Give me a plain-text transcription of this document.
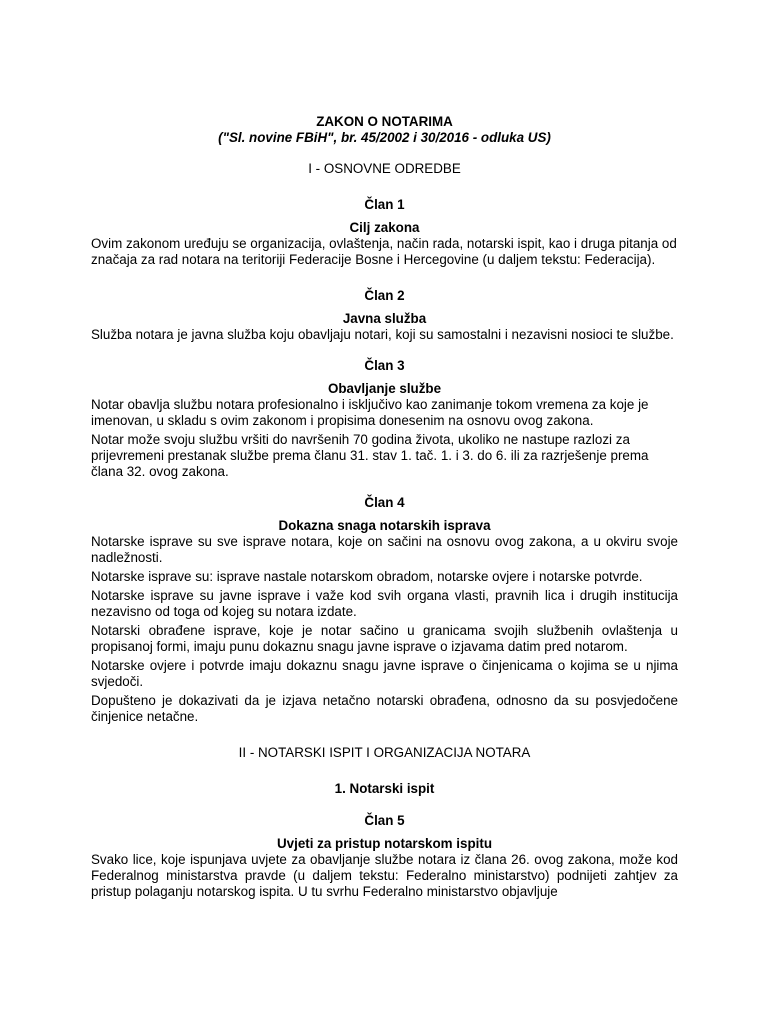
ZAKON O NOTARIMA

("Sl. novine FBiH", br. 45/2002 i 30/2016 - odluka US)

I - OSNOVNE ODREDBE

Član 1

Cilj zakona

Ovim zakonom uređuju se organizacija, ovlaštenja, način rada, notarski ispit, kao i druga pitanja od značaja za rad notara na teritoriji Federacije Bosne i Hercegovine (u daljem tekstu: Federacija).

Član 2

Javna služba

Služba notara je javna služba koju obavljaju notari, koji su samostalni i nezavisni nosioci te službe.

Član 3

Obavljanje službe

Notar obavlja službu notara profesionalno i isključivo kao zanimanje tokom vremena za koje je imenovan, u skladu s ovim zakonom i propisima donesenim na osnovu ovog zakona.

Notar može svoju službu vršiti do navršenih 70 godina života, ukoliko ne nastupe razlozi za prijevremeni prestanak službe prema članu 31. stav 1. tač. 1. i 3. do 6. ili za razrješenje prema člana 32. ovog zakona.

Član 4

Dokazna snaga notarskih isprava

Notarske isprave su sve isprave notara, koje on sačini na osnovu ovog zakona, a u okviru svoje nadležnosti.

Notarske isprave su: isprave nastale notarskom obradom, notarske ovjere i notarske potvrde.

Notarske isprave su javne isprave i važe kod svih organa vlasti, pravnih lica i drugih institucija nezavisno od toga od kojeg su notara izdate.

Notarski obrađene isprave, koje je notar sačino u granicama svojih službenih ovlaštenja u propisanoj formi, imaju punu dokaznu snagu javne isprave o izjavama datim pred notarom.

Notarske ovjere i potvrde imaju dokaznu snagu javne isprave o činjenicama o kojima se u njima svjedoči.

Dopušteno je dokazivati da je izjava netačno notarski obrađena, odnosno da su posvjedočene činjenice netačne.

II - NOTARSKI ISPIT I ORGANIZACIJA NOTARA

1. Notarski ispit

Član 5

Uvjeti za pristup notarskom ispitu

Svako lice, koje ispunjava uvjete za obavljanje službe notara iz člana 26. ovog zakona, može kod Federalnog ministarstva pravde (u daljem tekstu: Federalno ministarstvo) podnijeti zahtjev za pristup polaganju notarskog ispita. U tu svrhu Federalno ministarstvo objavljuje
